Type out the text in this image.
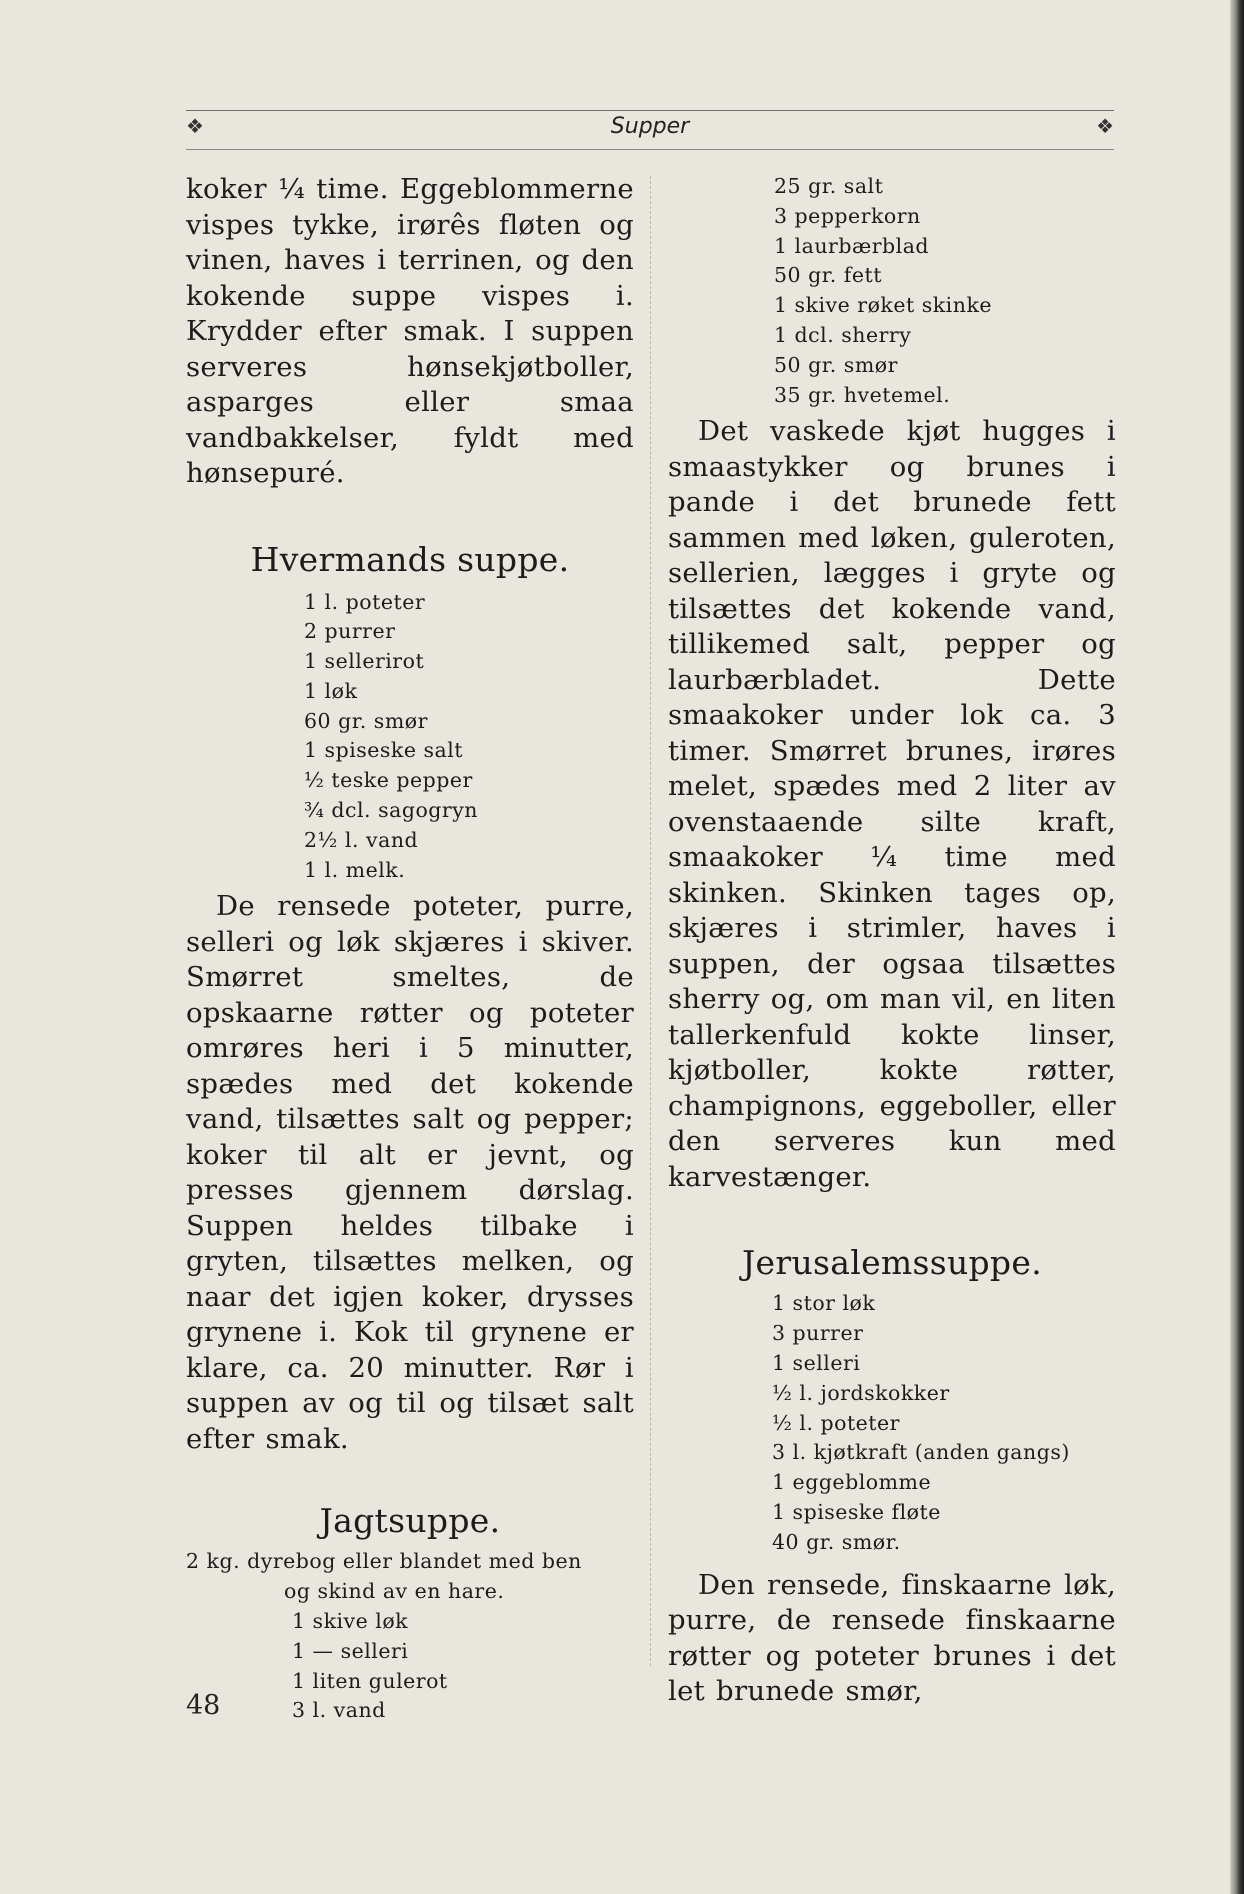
❖	Supper	❖

koker ¼ time. Eggeblommerne vispes tykke, irørês fløten og vinen, haves i terrinen, og den kokende suppe vispes i. Krydder efter smak. I suppen serveres hønsekjøtboller, asparges eller smaa vandbakkelser, fyldt med hønsepuré.

Hvermands suppe.
1 l. poteter
2 purrer
1 sellerirot
1 løk
60 gr. smør
1 spiseske salt
½ teske pepper
¾ dcl. sagogryn
2½ l. vand
1 l. melk.

De rensede poteter, purre, selleri og løk skjæres i skiver. Smørret smeltes, de opskaarne røtter og poteter omrøres heri i 5 minutter, spædes med det kokende vand, tilsættes salt og pepper; koker til alt er jevnt, og presses gjennem dørslag. Suppen heldes tilbake i gryten, tilsættes melken, og naar det igjen koker, drysses grynene i. Kok til grynene er klare, ca. 20 minutter. Rør i suppen av og til og tilsæt salt efter smak.

Jagtsuppe.
2 kg. dyrebog eller blandet med ben
og skind av en hare.
1 skive løk
1 — selleri
1 liten gulerot
3 l. vand
25 gr. salt
3 pepperkorn
1 laurbærblad
50 gr. fett
1 skive røket skinke
1 dcl. sherry
50 gr. smør
35 gr. hvetemel.

Det vaskede kjøt hugges i smaastykker og brunes i pande i det brunede fett sammen med løken, guleroten, sellerien, lægges i gryte og tilsættes det kokende vand, tillikemed salt, pepper og laurbærbladet. Dette smaakoker under lok ca. 3 timer. Smørret brunes, irøres melet, spædes med 2 liter av ovenstaaende silte kraft, smaakoker ¼ time med skinken. Skinken tages op, skjæres i strimler, haves i suppen, der ogsaa tilsættes sherry og, om man vil, en liten tallerkenfuld kokte linser, kjøtboller, kokte røtter, champignons, eggeboller, eller den serveres kun med karvestænger.

Jerusalemssuppe.
1 stor løk
3 purrer
1 selleri
½ l. jordskokker
½ l. poteter
3 l. kjøtkraft (anden gangs)
1 eggeblomme
1 spiseske fløte
40 gr. smør.

Den rensede, finskaarne løk, purre, de rensede finskaarne røtter og poteter brunes i det let brunede smør,

48
